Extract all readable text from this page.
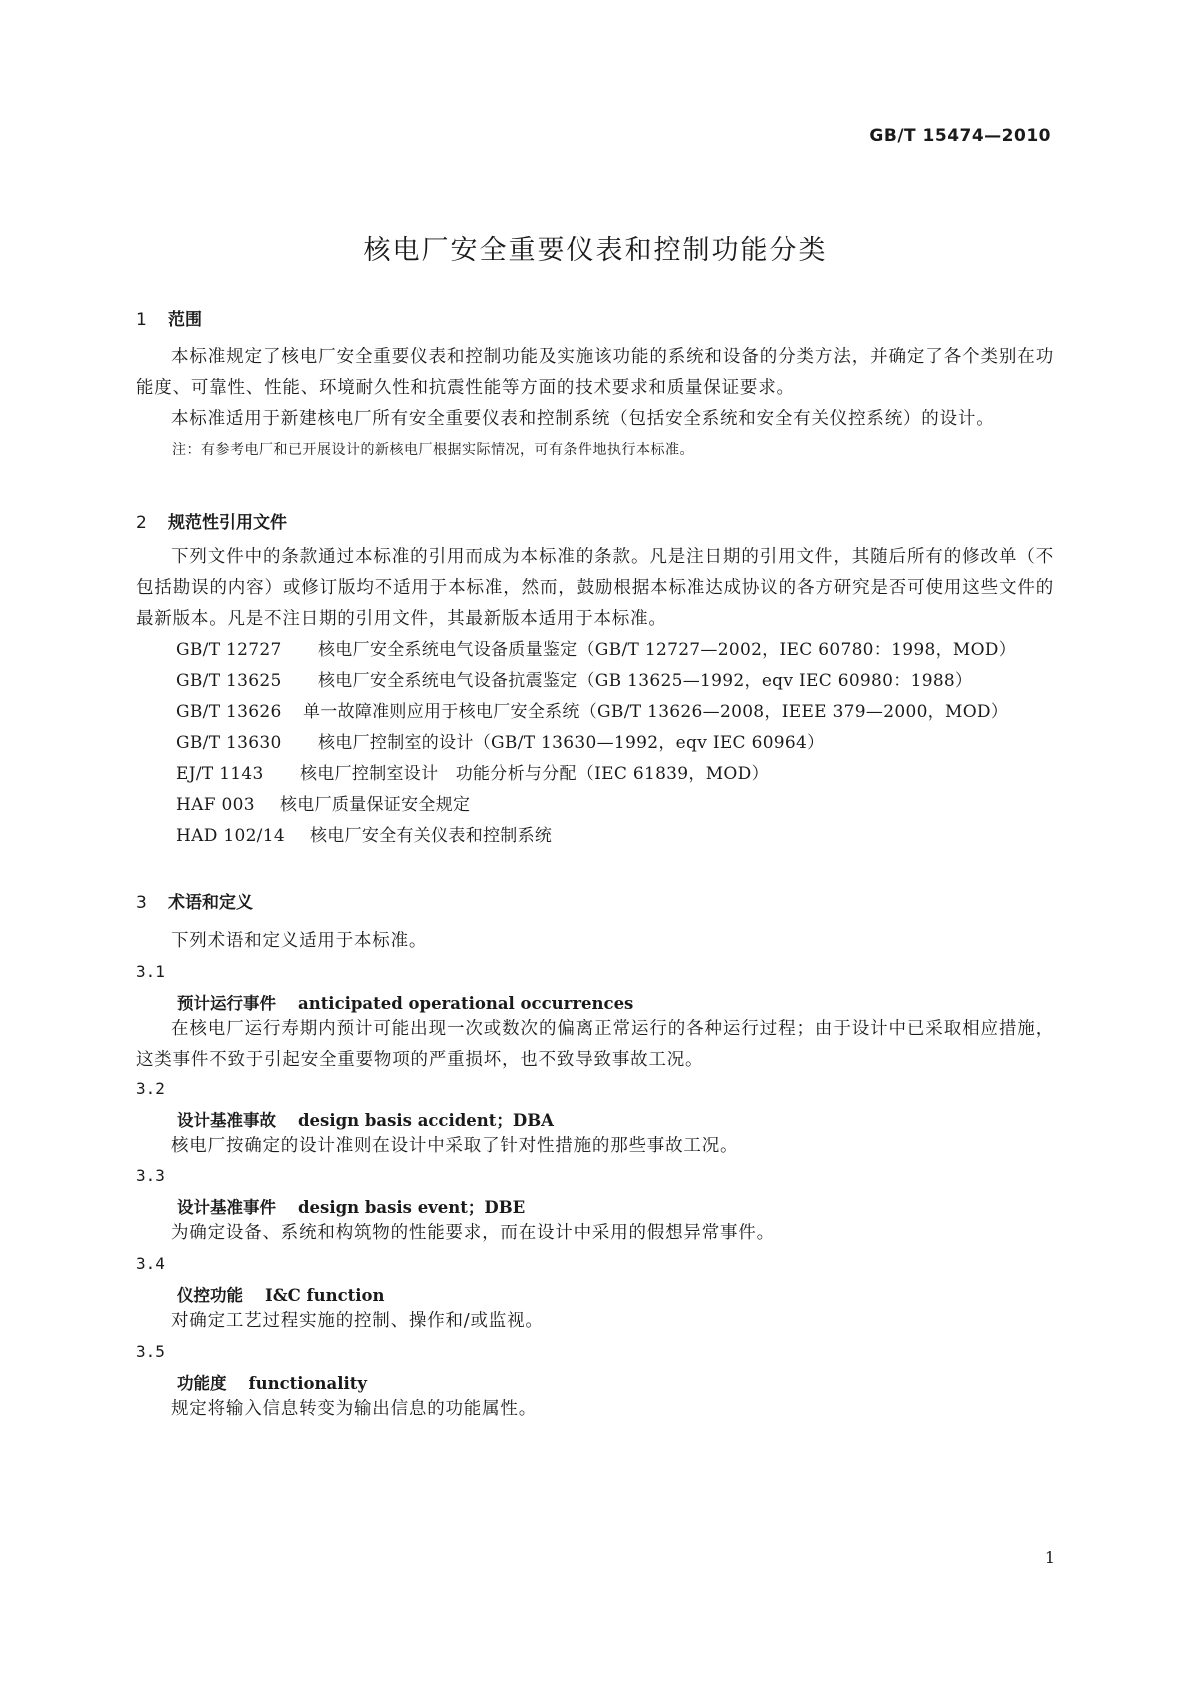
GB/T 15474—2010
核电厂安全重要仪表和控制功能分类
1 范围

本标准规定了核电厂安全重要仪表和控制功能及实施该功能的系统和设备的分类方法，并确定了各个类别在功能度、可靠性、性能、环境耐久性和抗震性能等方面的技术要求和质量保证要求。

本标准适用于新建核电厂所有安全重要仪表和控制系统（包括安全系统和安全有关仪控系统）的设计。

注：有参考电厂和已开展设计的新核电厂根据实际情况，可有条件地执行本标准。

2 规范性引用文件

下列文件中的条款通过本标准的引用而成为本标准的条款。凡是注日期的引用文件，其随后所有的修改单（不包括勘误的内容）或修订版均不适用于本标准，然而，鼓励根据本标准达成协议的各方研究是否可使用这些文件的最新版本。凡是不注日期的引用文件，其最新版本适用于本标准。

GB/T 12727 核电厂安全系统电气设备质量鉴定（GB/T 12727—2002，IEC 60780：1998，MOD）

GB/T 13625 核电厂安全系统电气设备抗震鉴定（GB 13625—1992，eqv IEC 60980：1988）

GB/T 13626　 单一故障准则应用于核电厂安全系统（GB/T 13626—2008，IEEE 379—2000，MOD）

GB/T 13630 核电厂控制室的设计（GB/T 13630—1992，eqv IEC 60964）

EJ/T 1143 核电厂控制室设计　功能分析与分配（IEC 61839，MOD）

HAF 003 核电厂质量保证安全规定

HAD 102/14 核电厂安全有关仪表和控制系统

3 术语和定义

下列术语和定义适用于本标准。

3.1
预计运行事件 anticipated operational occurrences

在核电厂运行寿期内预计可能出现一次或数次的偏离正常运行的各种运行过程；由于设计中已采取相应措施，这类事件不致于引起安全重要物项的严重损坏，也不致导致事故工况。

3.2
设计基准事故 design basis accident；DBA

核电厂按确定的设计准则在设计中采取了针对性措施的那些事故工况。

3.3
设计基准事件 design basis event；DBE

为确定设备、系统和构筑物的性能要求，而在设计中采用的假想异常事件。

3.4
仪控功能 I&C function

对确定工艺过程实施的控制、操作和/或监视。

3.5
功能度 functionality

规定将输入信息转变为输出信息的功能属性。

1
